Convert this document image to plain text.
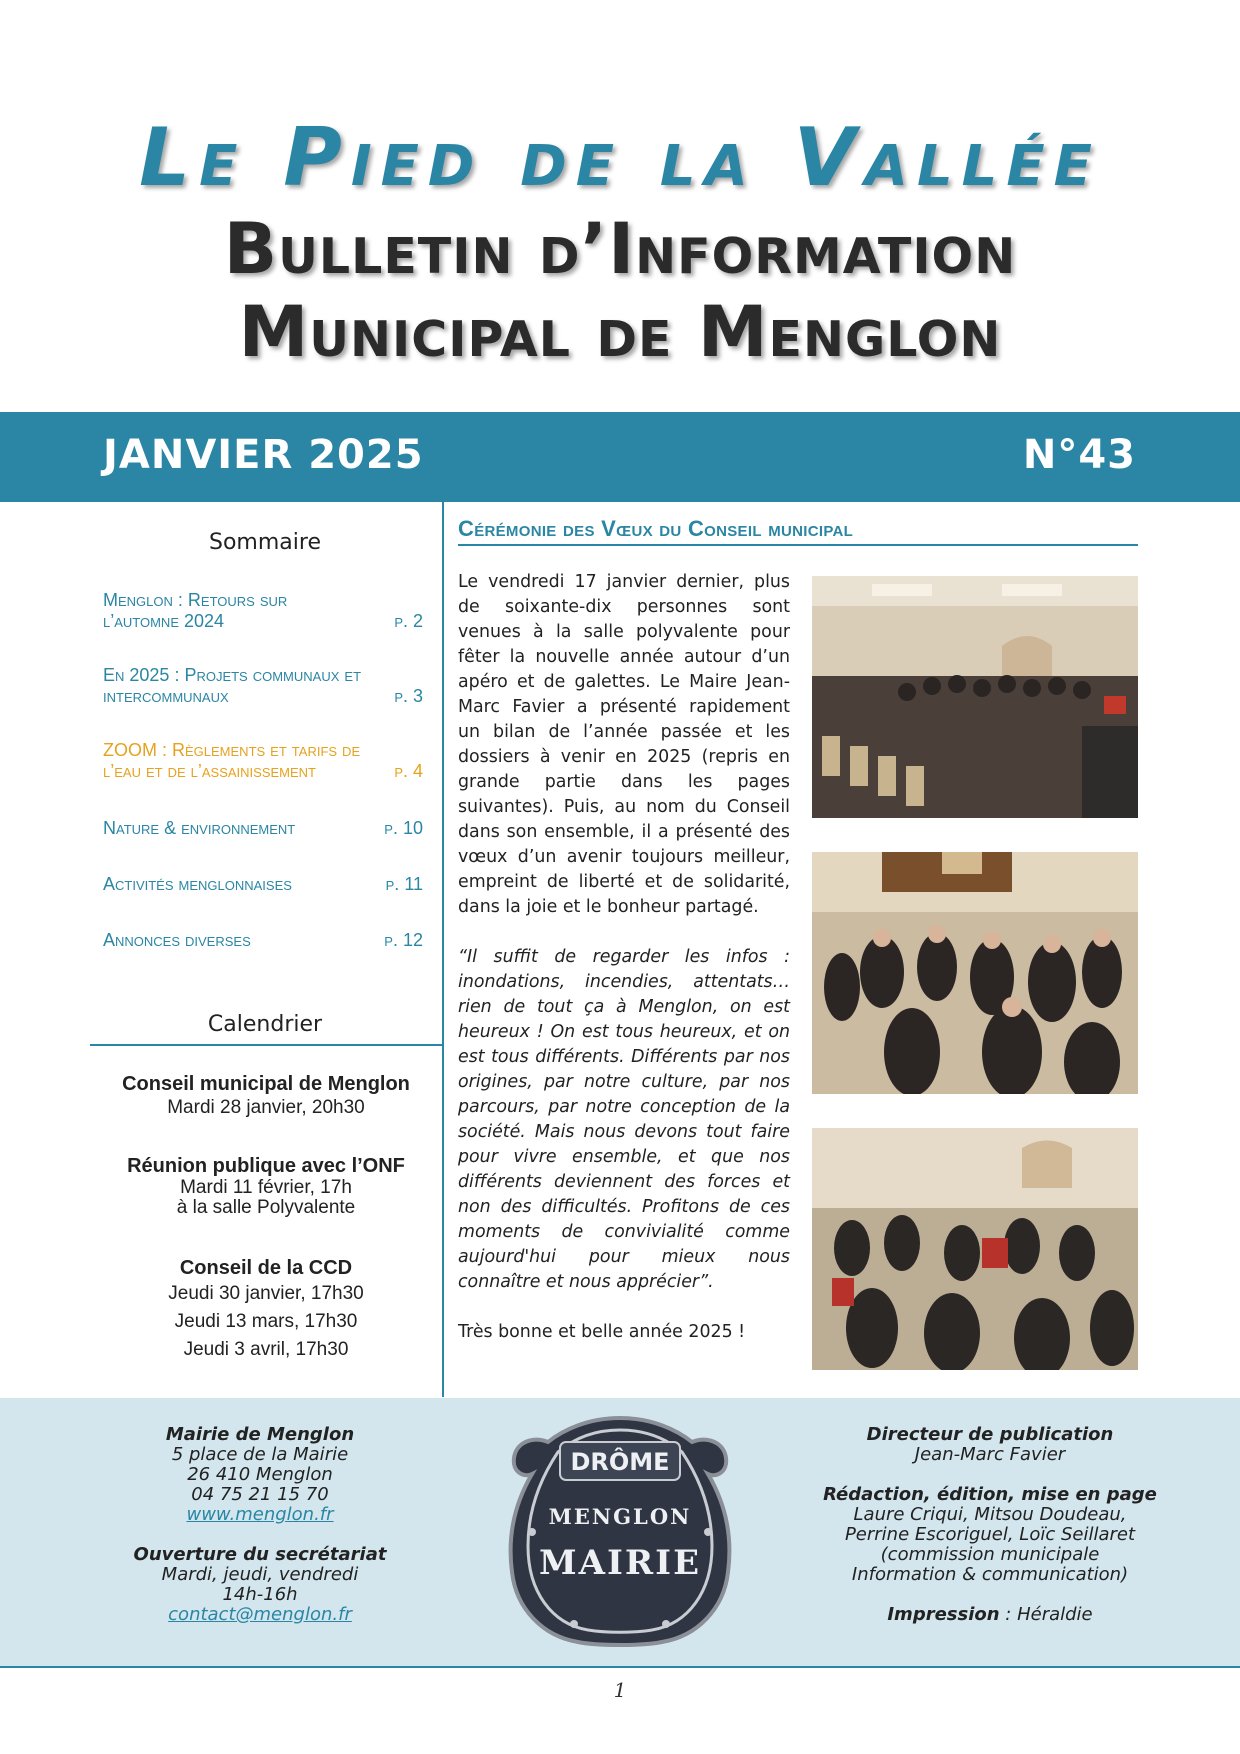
Le Pied de la Vallée
Bulletin d’Information
Municipal de Menglon
JANVIER 2025	N°43
Sommaire
Menglon : Retours sur l’automne 2024	p. 2
En 2025 : Projets communaux et intercommunaux	p. 3
ZOOM : Règlements et tarifs de l’eau et de l’assainissement	p. 4
Nature & environnement	p. 10
Activités menglonnaises	p. 11
Annonces diverses	p. 12
Calendrier
Conseil municipal de Menglon
Mardi 28 janvier, 20h30
Réunion publique avec l’ONF
Mardi 11 février, 17h
à la salle Polyvalente
Conseil de la CCD
Jeudi 30 janvier, 17h30
Jeudi 13 mars, 17h30
Jeudi 3 avril, 17h30
Cérémonie des Vœux du Conseil municipal

Le vendredi 17 janvier dernier, plus de soixante-dix personnes sont venues à la salle polyvalente pour fêter la nouvelle année autour d’un apéro et de galettes. Le Maire Jean-Marc Favier a présenté rapidement un bilan de l’année passée et les dossiers à venir en 2025 (repris en grande partie dans les pages suivantes). Puis, au nom du Conseil dans son ensemble, il a présenté des vœux d’un avenir toujours meilleur, empreint de liberté et de solidarité, dans la joie et le bonheur partagé.

“Il suffit de regarder les infos : inondations, incendies, attentats… rien de tout ça à Menglon, on est heureux ! On est tous heureux, et on est tous différents. Différents par nos origines, par notre culture, par nos parcours, par notre conception de la société. Mais nous devons tout faire pour vivre ensemble, et que nos différents deviennent des forces et non des difficultés. Profitons de ces moments de convivialité comme aujourd'hui pour mieux nous connaître et nous apprécier”.

Très bonne et belle année 2025 !

Mairie de Menglon
5 place de la Mairie
26 410 Menglon
04 75 21 15 70
www.menglon.fr
Ouverture du secrétariat
Mardi, jeudi, vendredi
14h-16h
contact@menglon.fr
DRÔME
MENGLON
MAIRIE
Directeur de publication
Jean-Marc Favier
Rédaction, édition, mise en page
Laure Criqui, Mitsou Doudeau,
Perrine Escoriguel, Loïc Seillaret
(commission municipale
Information & communication)
Impression : Héraldie
1
